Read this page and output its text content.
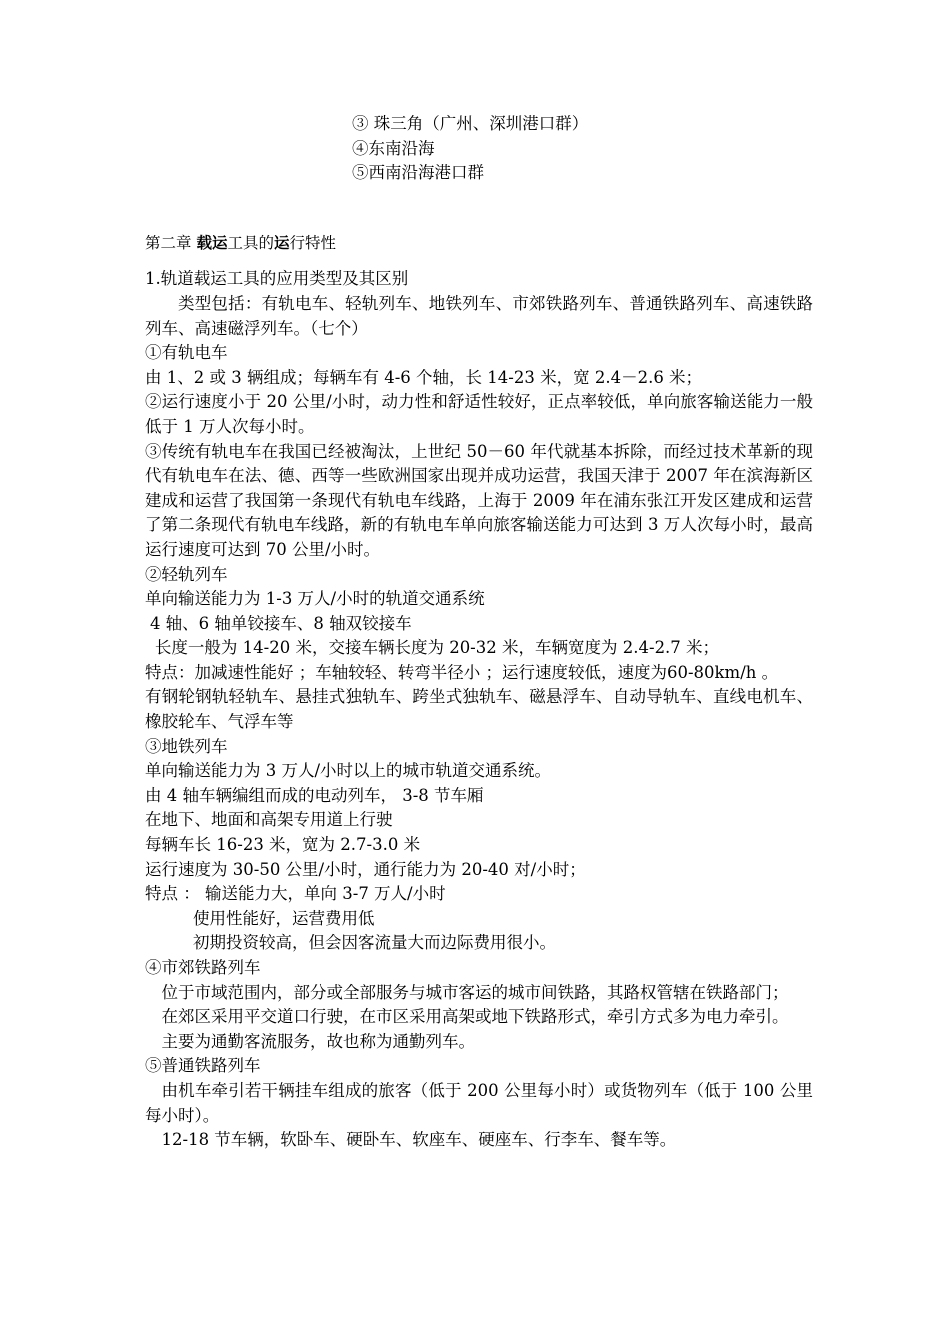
③ 珠三角（广州、深圳港口群）

④东南沿海

⑤西南沿海港口群

第二章 载运工具的运行特性

1.轨道载运工具的应用类型及其区别

类型包括：有轨电车、轻轨列车、地铁列车、市郊铁路列车、普通铁路列车、高速铁路列车、高速磁浮列车。（七个）

①有轨电车

由 1、2 或 3 辆组成；每辆车有 4-6 个轴，长 14-23 米，宽 2.4－2.6 米；

②运行速度小于 20 公里/小时，动力性和舒适性较好，正点率较低，单向旅客输送能力一般低于 1 万人次每小时。

③传统有轨电车在我国已经被淘汰，上世纪 50－60 年代就基本拆除，而经过技术革新的现代有轨电车在法、德、西等一些欧洲国家出现并成功运营，我国天津于 2007 年在滨海新区建成和运营了我国第一条现代有轨电车线路，上海于 2009 年在浦东张江开发区建成和运营了第二条现代有轨电车线路，新的有轨电车单向旅客输送能力可达到 3 万人次每小时，最高运行速度可达到 70 公里/小时。

②轻轨列车

单向输送能力为 1-3 万人/小时的轨道交通系统

4 轴、6 轴单铰接车、8 轴双铰接车

长度一般为 14-20 米，交接车辆长度为 20-32 米，车辆宽度为 2.4-2.7 米；

特点：加减速性能好 ；车轴较轻、转弯半径小 ；运行速度较低，速度为60-80km/h 。

有钢轮钢轨轻轨车、悬挂式独轨车、跨坐式独轨车、磁悬浮车、自动导轨车、直线电机车、橡胶轮车、气浮车等

③地铁列车

单向输送能力为 3 万人/小时以上的城市轨道交通系统。

由 4 轴车辆编组而成的电动列车， 3-8 节车厢

在地下、地面和高架专用道上行驶

每辆车长 16-23 米，宽为 2.7-3.0 米

运行速度为 30-50 公里/小时，通行能力为 20-40 对/小时；

特点 ： 输送能力大，单向 3-7 万人/小时

使用性能好，运营费用低

初期投资较高，但会因客流量大而边际费用很小。

④市郊铁路列车

位于市域范围内，部分或全部服务与城市客运的城市间铁路，其路权管辖在铁路部门；

在郊区采用平交道口行驶，在市区采用高架或地下铁路形式，牵引方式多为电力牵引。

主要为通勤客流服务，故也称为通勤列车。

⑤普通铁路列车

由机车牵引若干辆挂车组成的旅客（低于 200 公里每小时）或货物列车（低于 100 公里每小时）。

12-18 节车辆，软卧车、硬卧车、软座车、硬座车、行李车、餐车等。
